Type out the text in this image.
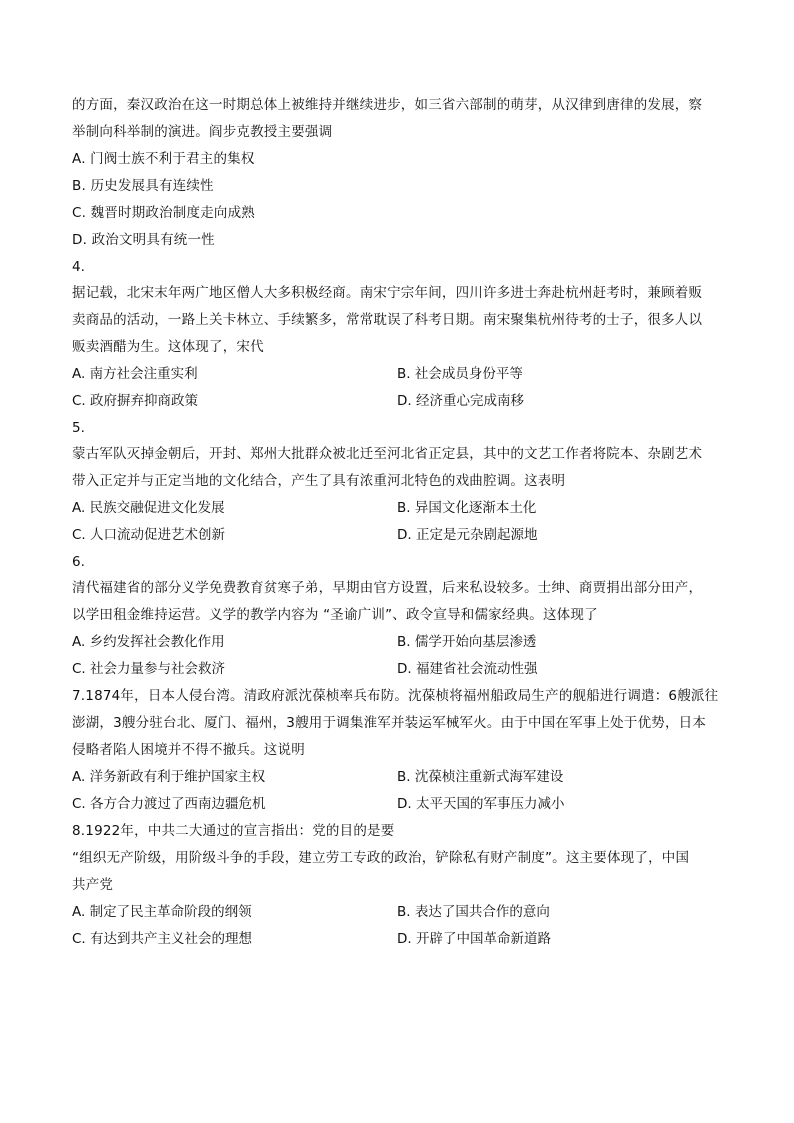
的方面，秦汉政治在这一时期总体上被维持并继续进步，如三省六部制的萌芽，从汉律到唐律的发展，察
举制向科举制的演进。阎步克教授主要强调
A. 门阀士族不利于君主的集权
B. 历史发展具有连续性
C. 魏晋时期政治制度走向成熟
D. 政治文明具有统一性
4.
据记载，北宋末年两广地区僧人大多积极经商。南宋宁宗年间，四川许多进士奔赴杭州赶考时，兼顾着贩
卖商品的活动，一路上关卡林立、手续繁多，常常耽误了科考日期。南宋聚集杭州待考的士子，很多人以
贩卖酒醋为生。这体现了，宋代
A. 南方社会注重实利	B. 社会成员身份平等
C. 政府摒弃抑商政策	D. 经济重心完成南移
5.
蒙古军队灭掉金朝后，开封、郑州大批群众被北迁至河北省正定县，其中的文艺工作者将院本、杂剧艺术
带入正定并与正定当地的文化结合，产生了具有浓重河北特色的戏曲腔调。这表明
A. 民族交融促进文化发展	B. 异国文化逐渐本土化
C. 人口流动促进艺术创新	D. 正定是元杂剧起源地
6.
清代福建省的部分义学免费教育贫寒子弟，早期由官方设置，后来私设较多。士绅、商贾捐出部分田产，
以学田租金维持运营。义学的教学内容为 “圣谕广训”、政令宣导和儒家经典。这体现了
A. 乡约发挥社会教化作用	B. 儒学开始向基层渗透
C. 社会力量参与社会救济	D. 福建省社会流动性强
7.1874年，日本人侵台湾。清政府派沈葆桢率兵布防。沈葆桢将福州船政局生产的舰船进行调遣：6艘派往
澎湖，3艘分驻台北、厦门、福州，3艘用于调集淮军并装运军械军火。由于中国在军事上处于优势，日本
侵略者陷人困境并不得不撤兵。这说明
A. 洋务新政有利于维护国家主权	B. 沈葆桢注重新式海军建设
C. 各方合力渡过了西南边疆危机	D. 太平天国的军事压力减小
8.1922年，中共二大通过的宣言指出：党的目的是要
“组织无产阶级，用阶级斗争的手段，建立劳工专政的政治，铲除私有财产制度”。这主要体现了，中国
共产党
A. 制定了民主革命阶段的纲领	B. 表达了国共合作的意向
C. 有达到共产主义社会的理想	D. 开辟了中国革命新道路
